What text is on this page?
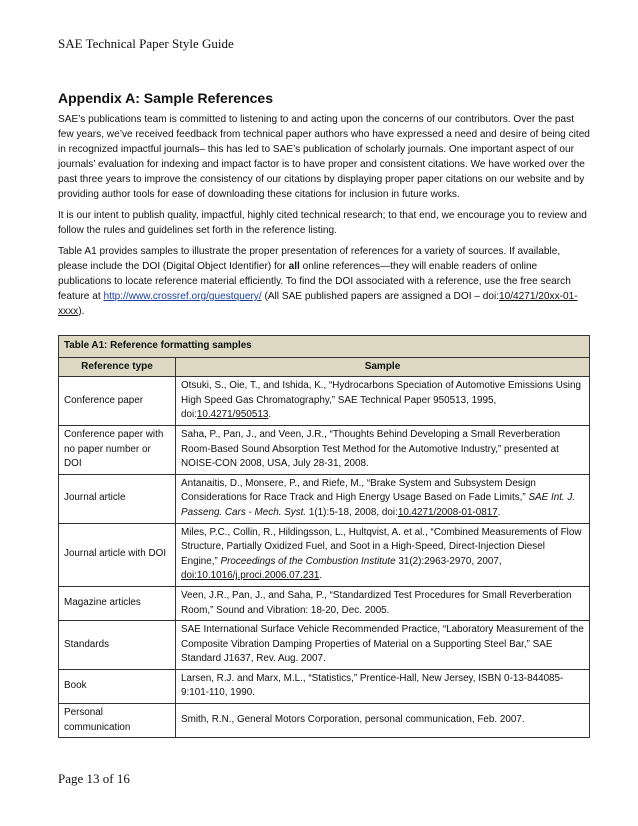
SAE Technical Paper Style Guide
Appendix A: Sample References

SAE’s publications team is committed to listening to and acting upon the concerns of our contributors. Over the past few years, we’ve received feedback from technical paper authors who have expressed a need and desire of being cited in recognized impactful journals– this has led to SAE’s publication of scholarly journals. One important aspect of our journals’ evaluation for indexing and impact factor is to have proper and consistent citations. We have worked over the past three years to improve the consistency of our citations by displaying proper paper citations on our website and by providing author tools for ease of downloading these citations for inclusion in future works.

It is our intent to publish quality, impactful, highly cited technical research; to that end, we encourage you to review and follow the rules and guidelines set forth in the reference listing.

Table A1 provides samples to illustrate the proper presentation of references for a variety of sources. If available, please include the DOI (Digital Object Identifier) for all online references—they will enable readers of online publications to locate reference material efficiently. To find the DOI associated with a reference, use the free search feature at http://www.crossref.org/guestquery/ (All SAE published papers are assigned a DOI – doi:10/4271/20xx-01-xxxx).

Table A1: Reference formatting samples	
Reference type	Sample
Conference paper	Otsuki, S., Oie, T., and Ishida, K., “Hydrocarbons Speciation of Automotive Emissions Using High Speed Gas Chromatography,” SAE Technical Paper 950513, 1995, doi:10.4271/950513.
Conference paper with no paper number or DOI	Saha, P., Pan, J., and Veen, J.R., “Thoughts Behind Developing a Small Reverberation Room-Based Sound Absorption Test Method for the Automotive Industry,” presented at NOISE-CON 2008, USA, July 28-31, 2008.
Journal article	Antanaitis, D., Monsere, P., and Riefe, M., “Brake System and Subsystem Design Considerations for Race Track and High Energy Usage Based on Fade Limits,” SAE Int. J. Passeng. Cars - Mech. Syst. 1(1):5-18, 2008, doi:10.4271/2008-01-0817.
Journal article with DOI	Miles, P.C., Collin, R., Hildingsson, L., Hultqvist, A. et al., “Combined Measurements of Flow Structure, Partially Oxidized Fuel, and Soot in a High-Speed, Direct-Injection Diesel Engine,” Proceedings of the Combustion Institute 31(2):2963-2970, 2007, doi:10.1016/j.proci.2006.07.231.
Magazine articles	Veen, J.R., Pan, J., and Saha, P., “Standardized Test Procedures for Small Reverberation Room,” Sound and Vibration: 18-20, Dec. 2005.
Standards	SAE International Surface Vehicle Recommended Practice, “Laboratory Measurement of the Composite Vibration Damping Properties of Material on a Supporting Steel Bar,” SAE Standard J1637, Rev. Aug. 2007.
Book	Larsen, R.J. and Marx, M.L., “Statistics,” Prentice-Hall, New Jersey, ISBN 0-13-844085-9:101-110, 1990.
Personal communication	Smith, R.N., General Motors Corporation, personal communication, Feb. 2007.
Page 13 of 16
